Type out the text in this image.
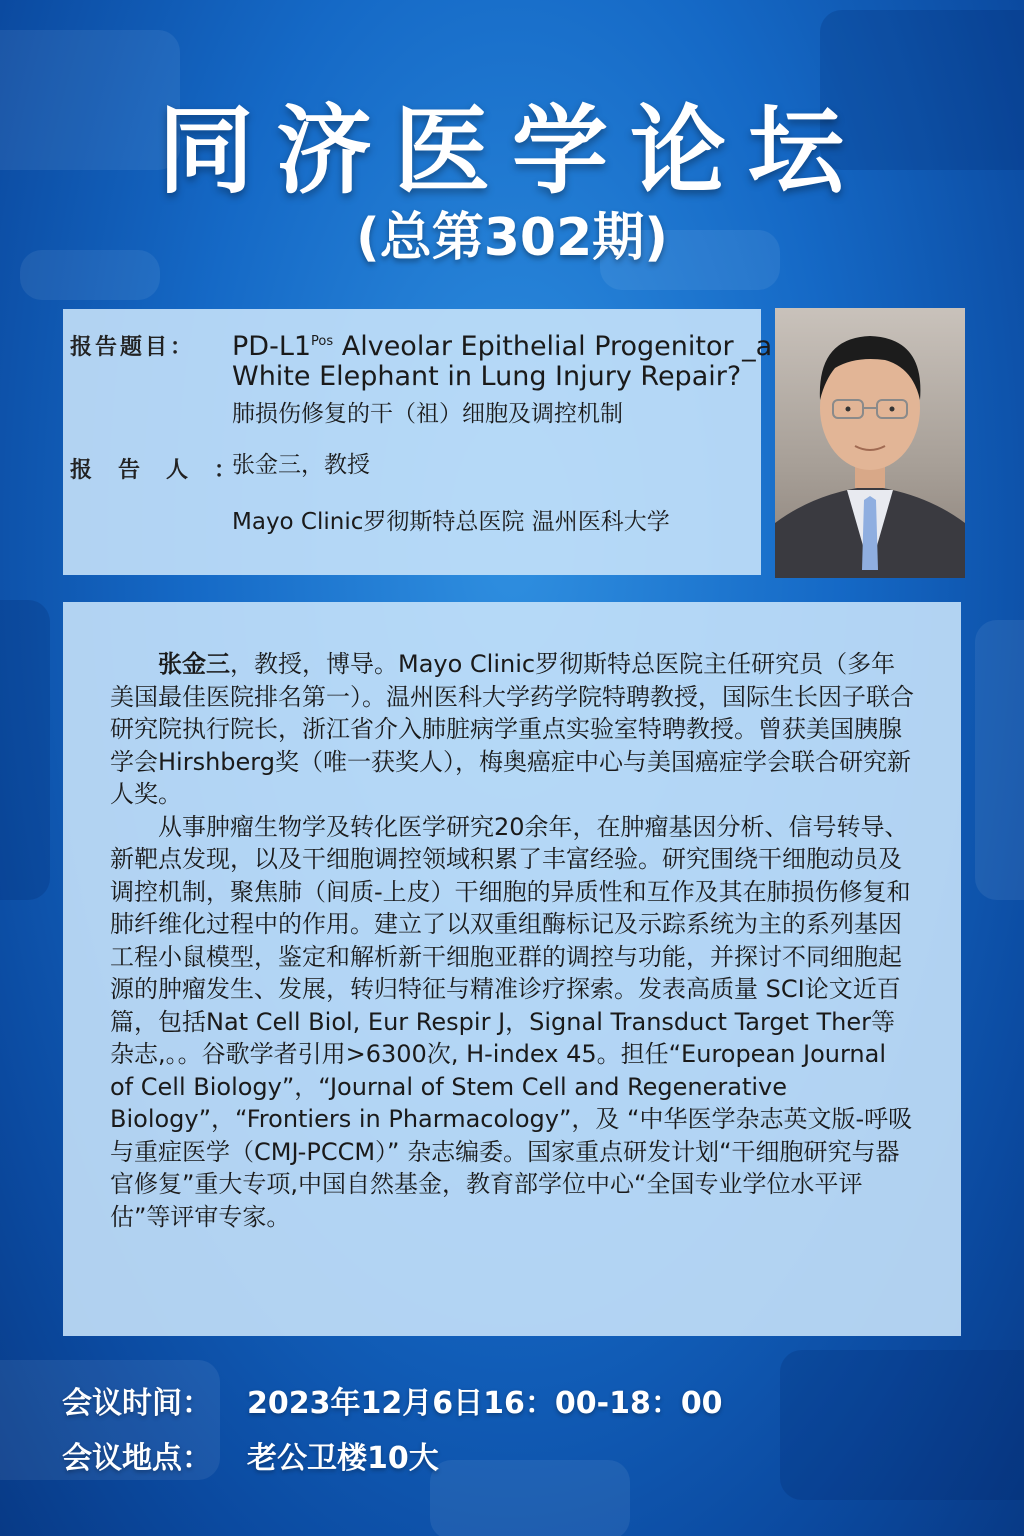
同济医学论坛
(总第302期)
报告题目： $PD-L1^{Pos}$ Alveolar Epithelial Progenitor _a
White Elephant in Lung Injury Repair?
肺损伤修复的干（祖）细胞及调控机制
报告人：
张金三，教授
Mayo Clinic罗彻斯特总医院 温州医科大学

张金三，教授，博导。Mayo Clinic罗彻斯特总医院主任研究员（多年美国最佳医院排名第一）。温州医科大学药学院特聘教授，国际生长因子联合研究院执行院长，浙江省介入肺脏病学重点实验室特聘教授。曾获美国胰腺学会Hirshberg奖（唯一获奖人），梅奥癌症中心与美国癌症学会联合研究新人奖。

从事肿瘤生物学及转化医学研究20余年，在肿瘤基因分析、信号转导、新靶点发现，以及干细胞调控领域积累了丰富经验。研究围绕干细胞动员及调控机制，聚焦肺（间质-上皮）干细胞的异质性和互作及其在肺损伤修复和肺纤维化过程中的作用。建立了以双重组酶标记及示踪系统为主的系列基因工程小鼠模型，鉴定和解析新干细胞亚群的调控与功能，并探讨不同细胞起源的肿瘤发生、发展，转归特征与精准诊疗探索。发表高质量 SCI论文近百篇，包括Nat Cell Biol, Eur Respir J，Signal Transduct Target Ther等杂志,。。谷歌学者引用>6300次, H-index 45。担任“European Journal of Cell Biology”，“Journal of Stem Cell and Regenerative Biology”，“Frontiers in Pharmacology”，及 “中华医学杂志英文版-呼吸与重症医学（CMJ-PCCM）” 杂志编委。国家重点研发计划“干细胞研究与器官修复”重大专项,中国自然基金，教育部学位中心“全国专业学位水平评估”等评审专家。

会议时间： 2023年12月6日16：00-18：00
会议地点： 老公卫楼10大
